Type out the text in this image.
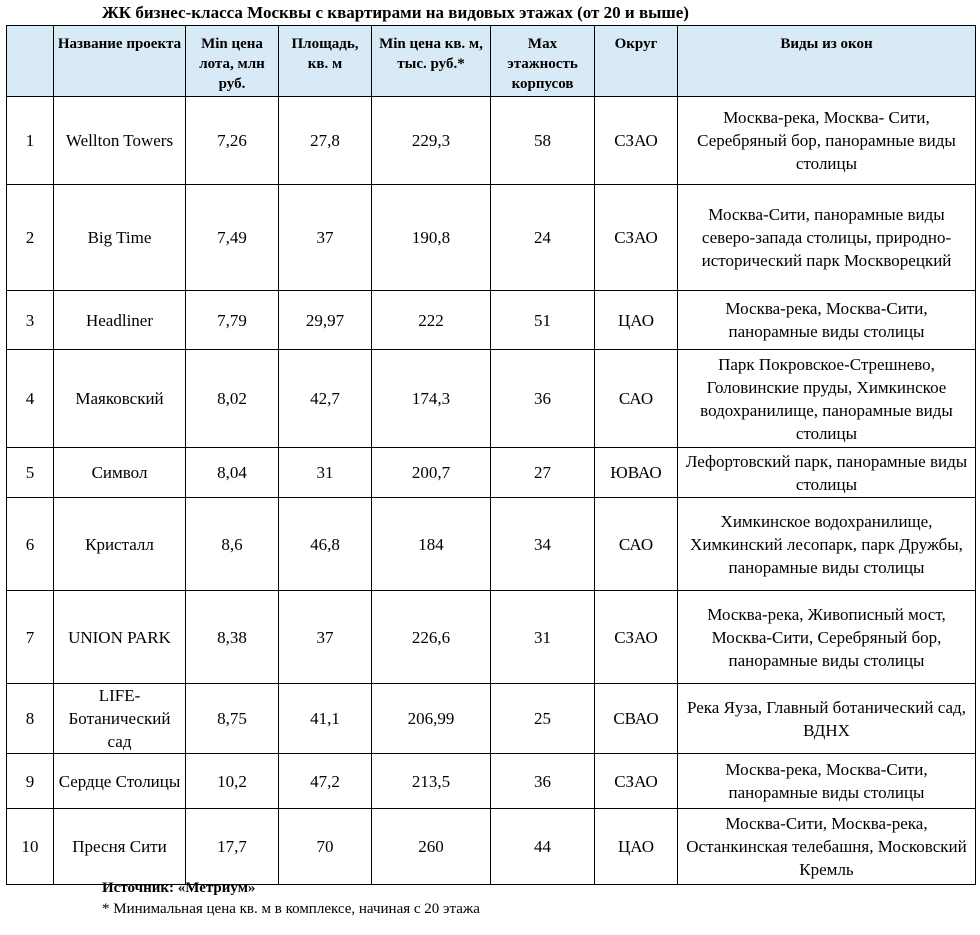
ЖК бизнес-класса Москвы с квартирами на видовых этажах (от 20 и выше)
	Название проекта	Min цена лота, млн руб.	Площадь, кв. м	Min цена кв. м, тыс. руб.*	Max этажность корпусов	Округ	Виды из окон
1	Wellton Towers	7,26	27,8	229,3	58	СЗАО	Москва-река, Москва- Сити, Серебряный бор, панорамные виды столицы
2	Big Time	7,49	37	190,8	24	СЗАО	Москва-Сити, панорамные виды северо-запада столицы, природно-исторический парк Москворецкий
3	Headliner	7,79	29,97	222	51	ЦАО	Москва-река, Москва-Сити, панорамные виды столицы
4	Маяковский	8,02	42,7	174,3	36	САО	Парк Покровское-Стрешнево, Головинские пруды, Химкинское водохранилище, панорамные виды столицы
5	Символ	8,04	31	200,7	27	ЮВАО	Лефортовский парк, панорамные виды столицы
6	Кристалл	8,6	46,8	184	34	САО	Химкинское водохранилище, Химкинский лесопарк, парк Дружбы, панорамные виды столицы
7	UNION PARK	8,38	37	226,6	31	СЗАО	Москва-река, Живописный мост, Москва-Сити, Серебряный бор, панорамные виды столицы
8	LIFE-Ботанический сад	8,75	41,1	206,99	25	СВАО	Река Яуза, Главный ботанический сад, ВДНХ
9	Сердце Столицы	10,2	47,2	213,5	36	СЗАО	Москва-река, Москва-Сити, панорамные виды столицы
10	Пресня Сити	17,7	70	260	44	ЦАО	Москва-Сити, Москва-река, Останкинская телебашня, Московский Кремль
Источник: «Метриум»
* Минимальная цена кв. м в комплексе, начиная с 20 этажа
